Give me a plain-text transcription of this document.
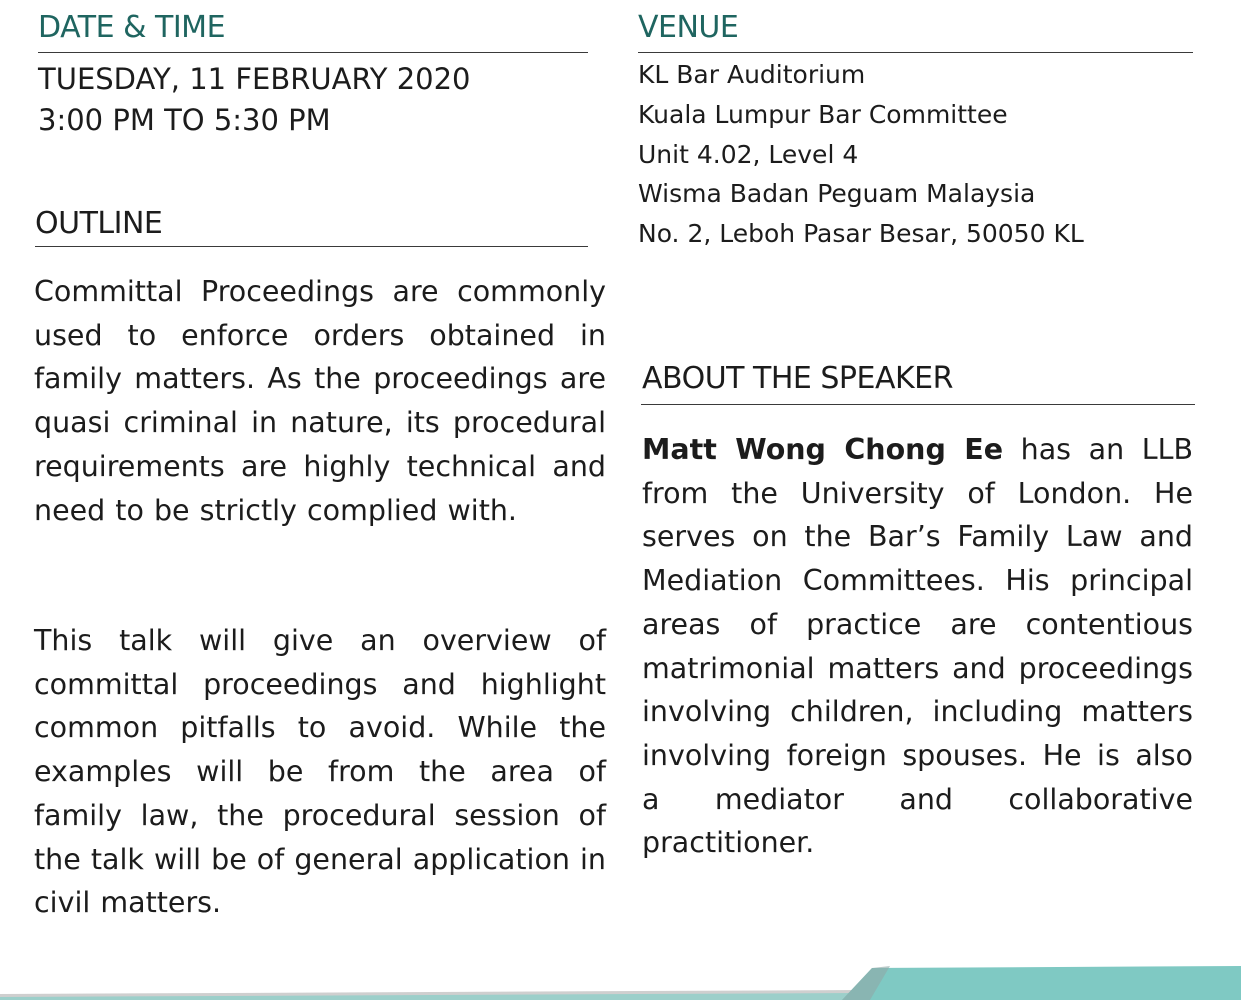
DATE & TIME

TUESDAY, 11 FEBRUARY 2020

3:00 PM TO 5:30 PM

VENUE

KL Bar Auditorium

Kuala Lumpur Bar Committee

Unit 4.02, Level 4

Wisma Badan Peguam Malaysia

No. 2, Leboh Pasar Besar, 50050 KL

OUTLINE

Committal Proceedings are commonly used to enforce orders obtained in family matters. As the proceedings are quasi criminal in nature, its procedural requirements are highly technical and need to be strictly complied with.

This talk will give an overview of committal proceedings and highlight common pitfalls to avoid. While the examples will be from the area of family law, the procedural session of the talk will be of general application in civil matters.

ABOUT THE SPEAKER

Matt Wong Chong Ee has an LLB from the University of London. He serves on the Bar’s Family Law and Mediation Committees. His principal areas of practice are contentious matrimonial matters and proceedings involving children, including matters involving foreign spouses. He is also a mediator and collaborative practitioner.
